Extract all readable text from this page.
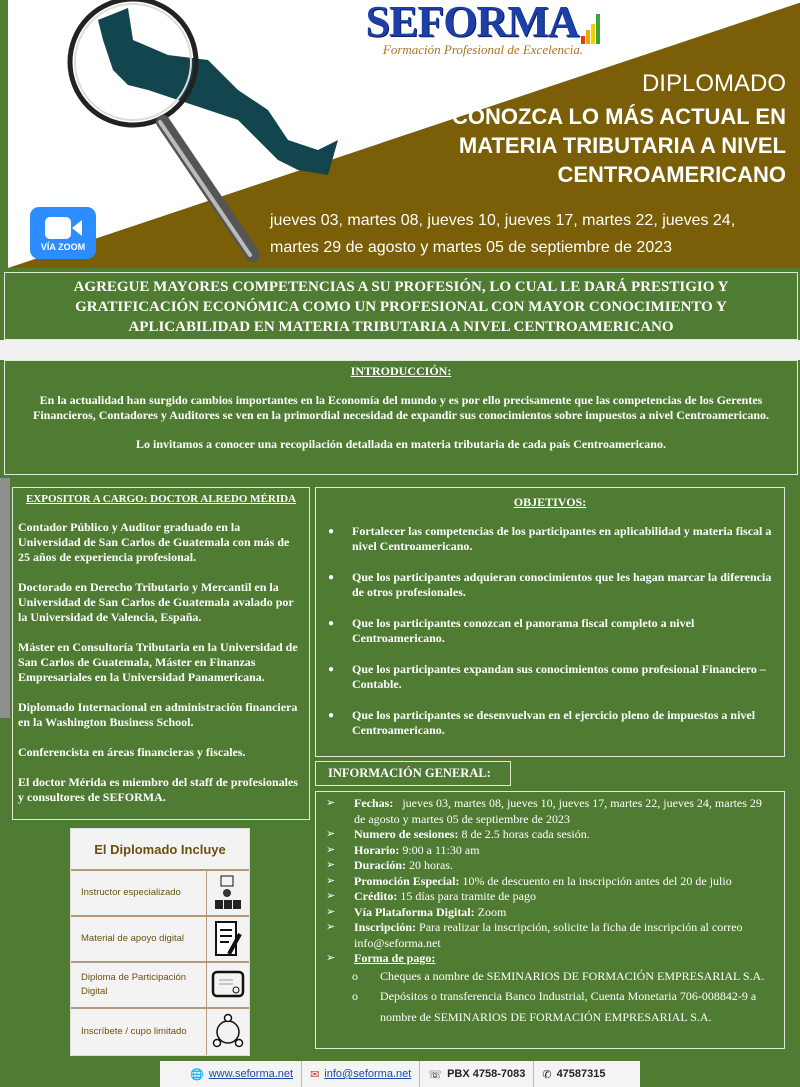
SEFORMA
Formación Profesional de Excelencia.
DIPLOMADO
CONOZCA LO MÁS ACTUAL EN MATERIA TRIBUTARIA A NIVEL CENTROAMERICANO
jueves 03, martes 08, jueves 10, jueves 17, martes 22, jueves 24, martes 29 de agosto y martes 05 de septiembre de 2023
VÍA ZOOM
AGREGUE MAYORES COMPETENCIAS A SU PROFESIÓN, LO CUAL LE DARÁ PRESTIGIO Y GRATIFICACIÓN ECONÓMICA COMO UN PROFESIONAL CON MAYOR CONOCIMIENTO Y APLICABILIDAD EN MATERIA TRIBUTARIA A NIVEL CENTROAMERICANO
INTRODUCCIÓN:

En la actualidad han surgido cambios importantes en la Economía del mundo y es por ello precisamente que las competencias de los Gerentes Financieros, Contadores y Auditores se ven en la primordial necesidad de expandir sus conocimientos sobre impuestos a nivel Centroamericano.

Lo invitamos a conocer una recopilación detallada en materia tributaria de cada país Centroamericano.

EXPOSITOR A CARGO: DOCTOR ALREDO MÉRIDA

Contador Público y Auditor graduado en la Universidad de San Carlos de Guatemala con más de 25 años de experiencia profesional.

Doctorado en Derecho Tributario y Mercantil en la Universidad de San Carlos de Guatemala avalado por la Universidad de Valencia, España.

Máster en Consultoría Tributaria en la Universidad de San Carlos de Guatemala, Máster en Finanzas Empresariales en la Universidad Panamericana.

Diplomado Internacional en administración financiera en la Washington Business School.

Conferencista en áreas financieras y fiscales.

El doctor Mérida es miembro del staff de profesionales y consultores de SEFORMA.

OBJETIVOS:
●	Fortalecer las competencias de los participantes en aplicabilidad y materia fiscal a nivel Centroamericano.
●	Que los participantes adquieran conocimientos que les hagan marcar la diferencia de otros profesionales.
●	Que los participantes conozcan el panorama fiscal completo a nivel Centroamericano.
●	Que los participantes expandan sus conocimientos como profesional Financiero – Contable.
●	Que los participantes se desenvuelvan en el ejercicio pleno de impuestos a nivel Centroamericano.
INFORMACIÓN GENERAL:
➢	Fechas:   jueves 03, martes 08, jueves 10, jueves 17, martes 22, jueves 24, martes 29 de agosto y martes 05 de septiembre de 2023
➢	Numero de sesiones: 8 de 2.5 horas cada sesión.
➢	Horario: 9:00 a 11:30 am
➢	Duración: 20 horas.
➢	Promoción Especial: 10% de descuento en la inscripción antes del 20 de julio
➢	Crédito: 15 días para tramite de pago
➢	Vía Plataforma Digital: Zoom
➢	Inscripción: Para realizar la inscripción, solicite la ficha de inscripción al correo info@seforma.net
➢	Forma de pago:
o	Cheques a nombre de SEMINARIOS DE FORMACIÓN EMPRESARIAL S.A.
o	Depósitos o transferencia Banco Industrial, Cuenta Monetaria 706-008842-9 a nombre de SEMINARIOS DE FORMACIÓN EMPRESARIAL S.A.
El Diplomado Incluye
Instructor especializado
Material de apoyo digital
Diploma de Participación Digital
Inscríbete / cupo limitado
🌐 www.seforma.net ✉ info@seforma.net ☏ PBX 4758-7083 ✆ 47587315
